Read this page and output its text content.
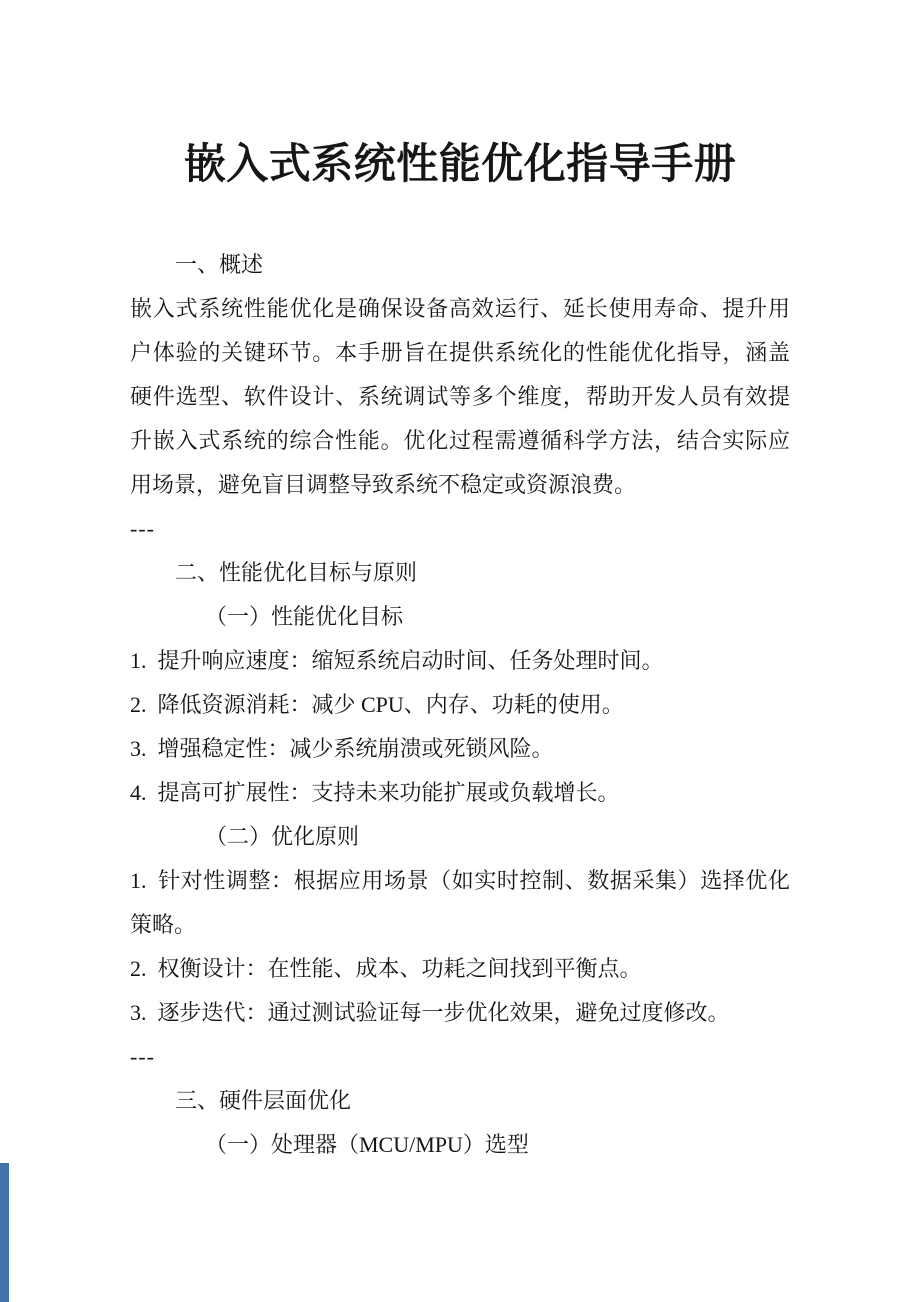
嵌入式系统性能优化指导手册
一、概述
嵌入式系统性能优化是确保设备高效运行、延长使用寿命、提升用
户体验的关键环节。本手册旨在提供系统化的性能优化指导，涵盖
硬件选型、软件设计、系统调试等多个维度，帮助开发人员有效提
升嵌入式系统的综合性能。优化过程需遵循科学方法，结合实际应
用场景，避免盲目调整导致系统不稳定或资源浪费。
---
二、性能优化目标与原则
（一）性能优化目标
1. 提升响应速度：缩短系统启动时间、任务处理时间。
2. 降低资源消耗：减少 CPU、内存、功耗的使用。
3. 增强稳定性：减少系统崩溃或死锁风险。
4. 提高可扩展性：支持未来功能扩展或负载增长。
（二）优化原则
1. 针对性调整：根据应用场景（如实时控制、数据采集）选择优化
策略。
2. 权衡设计：在性能、成本、功耗之间找到平衡点。
3. 逐步迭代：通过测试验证每一步优化效果，避免过度修改。
---
三、硬件层面优化
（一）处理器（MCU/MPU）选型
